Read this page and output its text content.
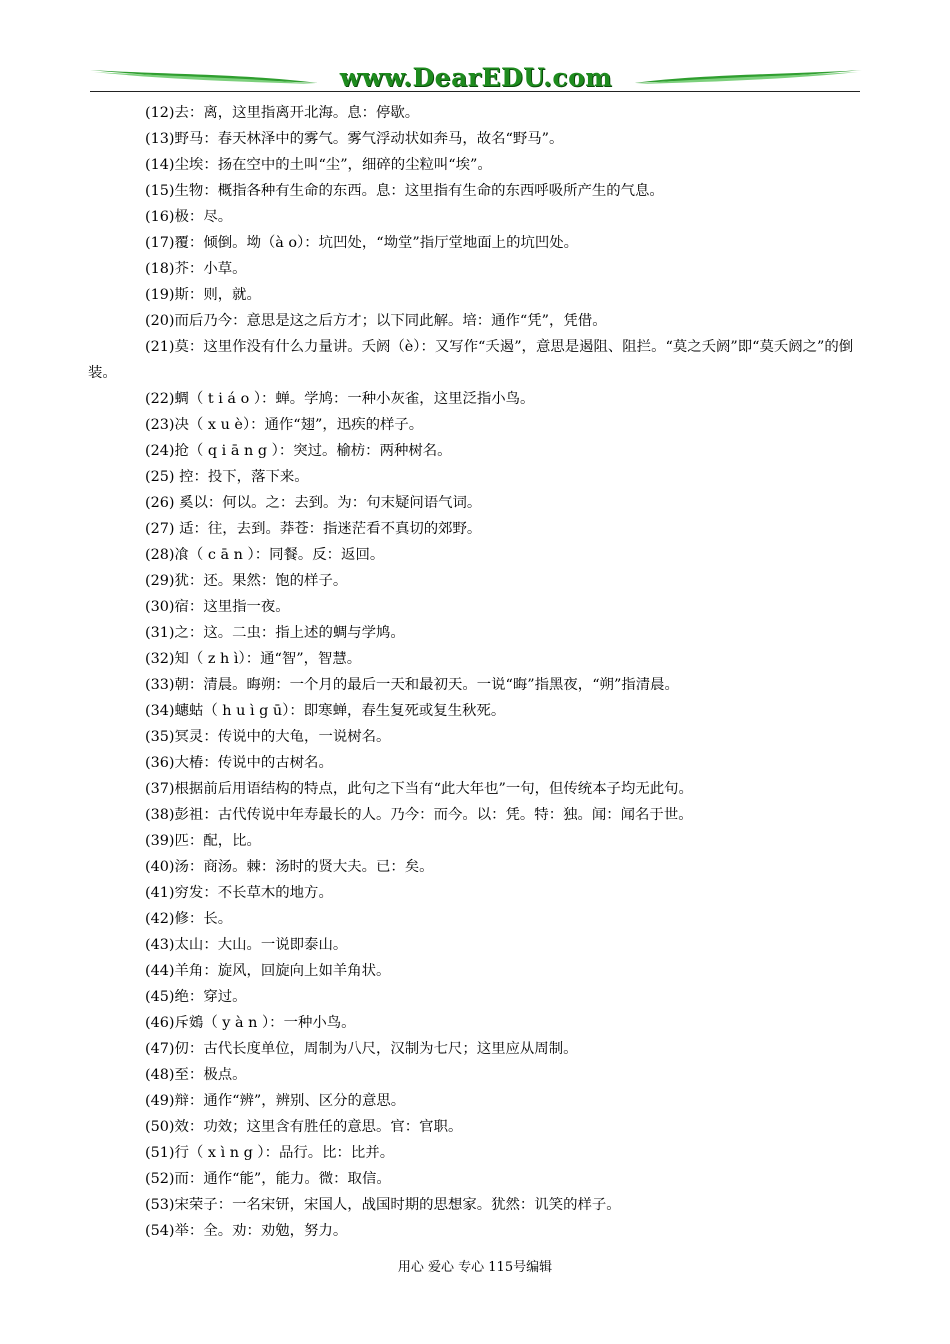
www.DearEDU.com
(12)去：离，这里指离开北海。息：停歇。
(13)野马：春天林泽中的雾气。雾气浮动状如奔马，故名“野马”。
(14)尘埃：扬在空中的土叫“尘”，细碎的尘粒叫“埃”。
(15)生物：概指各种有生命的东西。息：这里指有生命的东西呼吸所产生的气息。
(16)极：尽。
(17)覆：倾倒。坳（à o）：坑凹处，“坳堂”指厅堂地面上的坑凹处。
(18)芥：小草。
(19)斯：则，就。
(20)而后乃今：意思是这之后方才；以下同此解。培：通作“凭”，凭借。
(21)莫：这里作没有什么力量讲。夭阏（è）：又写作“夭遏”，意思是遏阻、阻拦。“莫之夭阏”即“莫夭阏之”的倒装。
(22)蜩（ t i á o ）：蝉。学鸠：一种小灰雀，这里泛指小鸟。
(23)决（ x u è）：通作“翅”，迅疾的样子。
(24)抢（ q i ā n g ）：突过。榆枋：两种树名。
(25) 控：投下，落下来。
(26) 奚以：何以。之：去到。为：句末疑问语气词。
(27) 适：往，去到。莽苍：指迷茫看不真切的郊野。
(28)飡（ c ā n ）：同餐。反：返回。
(29)犹：还。果然：饱的样子。
(30)宿：这里指一夜。
(31)之：这。二虫：指上述的蜩与学鸠。
(32)知（ z h ì）：通“智”，智慧。
(33)朝：清晨。晦朔：一个月的最后一天和最初天。一说“晦”指黑夜，“朔”指清晨。
(34)蟪蛄（ h u ì g ū）：即寒蝉，春生复死或复生秋死。
(35)冥灵：传说中的大龟，一说树名。
(36)大椿：传说中的古树名。
(37)根据前后用语结构的特点，此句之下当有“此大年也”一句，但传统本子均无此句。
(38)彭祖：古代传说中年寿最长的人。乃今：而今。以：凭。特：独。闻：闻名于世。
(39)匹：配，比。
(40)汤：商汤。棘：汤时的贤大夫。已：矣。
(41)穷发：不长草木的地方。
(42)修：长。
(43)太山：大山。一说即泰山。
(44)羊角：旋风，回旋向上如羊角状。
(45)绝：穿过。
(46)斥鴳（ y à n ）：一种小鸟。
(47)仞：古代长度单位，周制为八尺，汉制为七尺；这里应从周制。
(48)至：极点。
(49)辩：通作“辨”，辨别、区分的意思。
(50)效：功效；这里含有胜任的意思。官：官职。
(51)行（ x ì n g ）：品行。比：比并。
(52)而：通作“能”，能力。微：取信。
(53)宋荣子：一名宋钘，宋国人，战国时期的思想家。犹然：讥笑的样子。
(54)举：全。劝：劝勉，努力。
用心 爱心 专心 115号编辑
